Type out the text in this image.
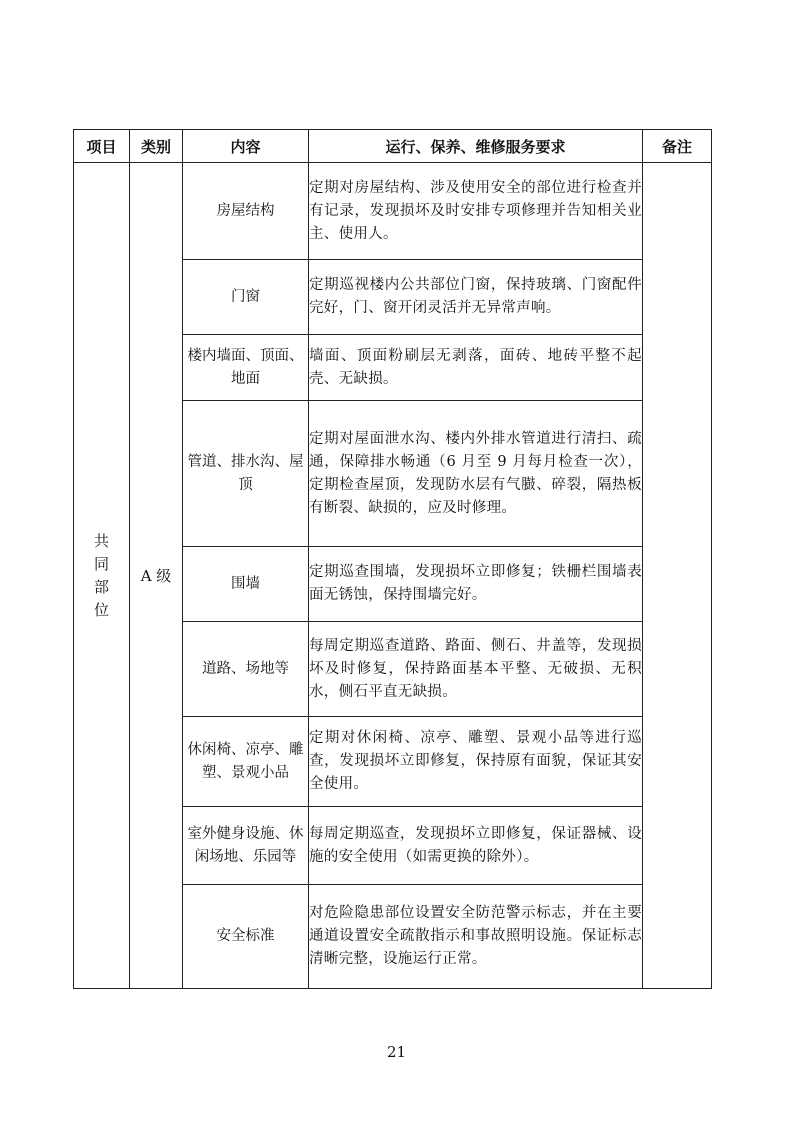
项目	类别	内容	运行、保养、维修服务要求	备注
共同部位	A 级	房屋结构	定期对房屋结构、涉及使用安全的部位进行检查并有记录，发现损坏及时安排专项修理并告知相关业主、使用人。	
		门窗	定期巡视楼内公共部位门窗，保持玻璃、门窗配件完好，门、窗开闭灵活并无异常声响。	
		楼内墙面、顶面、地面	墙面、顶面粉刷层无剥落，面砖、地砖平整不起壳、无缺损。	
		管道、排水沟、屋顶	定期对屋面泄水沟、楼内外排水管道进行清扫、疏通，保障排水畅通（6 月至 9 月每月检查一次），定期检查屋顶，发现防水层有气臌、碎裂，隔热板有断裂、缺损的，应及时修理。	
		围墙	定期巡查围墙，发现损坏立即修复；铁栅栏围墙表面无锈蚀，保持围墙完好。	
		道路、场地等	每周定期巡查道路、路面、侧石、井盖等，发现损坏及时修复，保持路面基本平整、无破损、无积水，侧石平直无缺损。	
		休闲椅、凉亭、雕塑、景观小品	定期对休闲椅、凉亭、雕塑、景观小品等进行巡查，发现损坏立即修复，保持原有面貌，保证其安全使用。	
		室外健身设施、休闲场地、乐园等	每周定期巡查，发现损坏立即修复，保证器械、设施的安全使用（如需更换的除外）。	
		安全标准	对危险隐患部位设置安全防范警示标志，并在主要通道设置安全疏散指示和事故照明设施。保证标志清晰完整，设施运行正常。	
21
